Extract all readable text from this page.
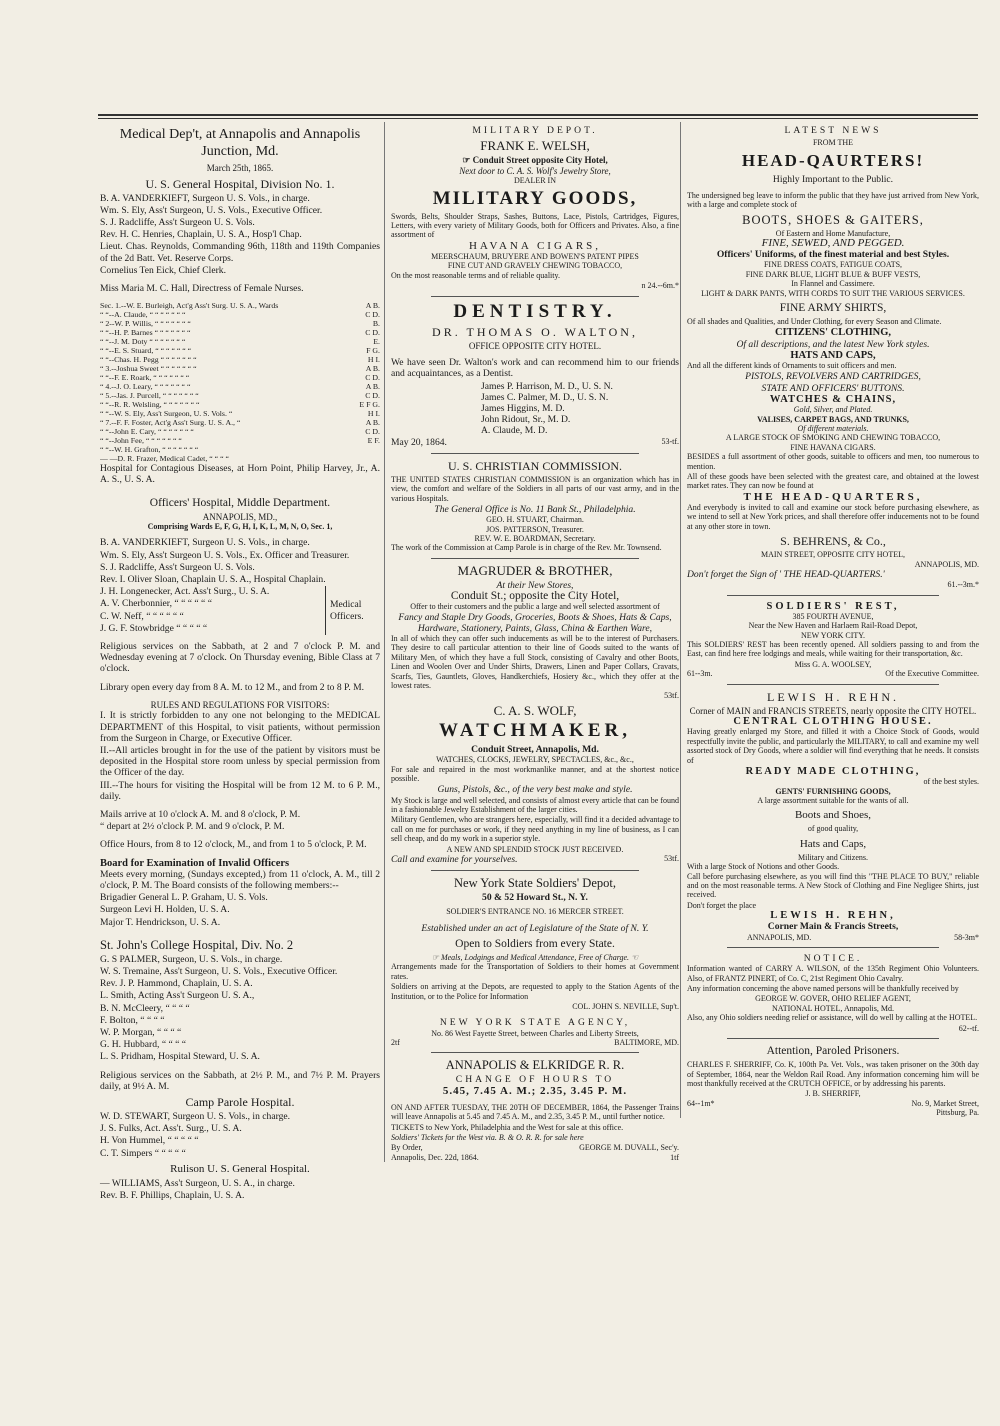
Medical Dep't, at Annapolis and Annapolis Junction, Md.
March 25th, 1865.
U. S. General Hospital, Division No. 1.

B. A. VANDERKIEFT, Surgeon U. S. Vols., in charge.

Wm. S. Ely, Ass't Surgeon, U. S. Vols., Executive Officer.

S. J. Radcliffe, Ass't Surgeon U. S. Vols.

Rev. H. C. Henries, Chaplain, U. S. A., Hosp'l Chap.

Lieut. Chas. Reynolds, Commanding 96th, 118th and 119th Companies of the 2d Batt. Vet. Reserve Corps.

Cornelius Ten Eick, Chief Clerk.

Miss Maria M. C. Hall, Directress of Female Nurses.

Sec. 1.--W. E. Burleigh, Act'g Ass't Surg. U. S. A., Wards	A B.
“ “--A. Claude, “ “ “ “ “ “ “	C D.
“ 2--W. P. Willis, “ “ “ “ “ “ “	B.
“ “--H. P. Barnes “ “ “ “ “ “ “	C D.
“ “--J. M. Doty “ “ “ “ “ “ “	E.
“ “--E. S. Stuard, “ “ “ “ “ “ “	F G.
“ “--Chas. H. Pegg “ “ “ “ “ “ “	H I.
“ 3.--Joshua Sweet “ “ “ “ “ “ “	A B.
“ “--F. E. Roark, “ “ “ “ “ “ “	C D.
“ 4.--J. O. Leary, “ “ “ “ “ “ “	A B.
“ 5.--Jas. J. Purcell, “ “ “ “ “ “ “	C D.
“ “--R. R. Welsling, “ “ “ “ “ “ “	E F G.
“ “--W. S. Ely, Ass't Surgeon, U. S. Vols. “	H I.
“ 7.--F. F. Foster, Act'g Ass't Surg. U. S. A., “	A B.
“ “--John E. Cary, “ “ “ “ “ “ “	C D.
“ “--John Fee, “ “ “ “ “ “ “	E F.
“ “--W. H. Grafton, “ “ “ “ “ “ “
— —D. R. Frazer, Medical Cadet, “ “ “ “

Hospital for Contagious Diseases, at Horn Point, Philip Harvey, Jr., A. A. S., U. S. A.

Officers' Hospital, Middle Department.
ANNAPOLIS, MD.,
Comprising Wards E, F, G, H, I, K, L, M, N, O, Sec. 1,

B. A. VANDERKIEFT, Surgeon U. S. Vols., in charge.

Wm. S. Ely, Ass't Surgeon U. S. Vols., Ex. Officer and Treasurer.

S. J. Radcliffe, Ass't Surgeon U. S. Vols.

Rev. I. Oliver Sloan, Chaplain U. S. A., Hospital Chaplain.

J. H. Longenecker, Act. Ass't Surg., U. S. A.

A. V. Cherbonnier, “ “ “ “ “ “

C. W. Neff, “ “ “ “ “ “

J. G. F. Stowbridge “ “ “ “ “

Medical Officers.

Religious services on the Sabbath, at 2 and 7 o'clock P. M. and Wednesday evening at 7 o'clock. On Thursday evening, Bible Class at 7 o'clock.

Library open every day from 8 A. M. to 12 M., and from 2 to 8 P. M.

RULES AND REGULATIONS FOR VISITORS:

I. It is strictly forbidden to any one not belonging to the MEDICAL DEPARTMENT of this Hospital, to visit patients, without permission from the Surgeon in Charge, or Executive Officer.

II.--All articles brought in for the use of the patient by visitors must be deposited in the Hospital store room unless by special permission from the Officer of the day.

III.--The hours for visiting the Hospital will be from 12 M. to 6 P. M., daily.

Mails arrive at 10 o'clock A. M. and 8 o'clock, P. M.

“ depart at 2½ o'clock P. M. and 9 o'clock, P. M.

Office Hours, from 8 to 12 o'clock, M., and from 1 to 5 o'clock, P. M.

Board for Examination of Invalid Officers

Meets every morning, (Sundays excepted,) from 11 o'clock, A. M., till 2 o'clock, P. M. The Board consists of the following members:--

Brigadier General L. P. Graham, U. S. Vols.

Surgeon Levi H. Holden, U. S. A.

Major T. Hendrickson, U. S. A.

St. John's College Hospital, Div. No. 2

G. S PALMER, Surgeon, U. S. Vols., in charge.

W. S. Tremaine, Ass't Surgeon, U. S. Vols., Executive Officer.

Rev. J. P. Hammond, Chaplain, U. S. A.

L. Smith, Acting Ass't Surgeon U. S. A.,

B. N. McCleery, “ “ “ “

F. Bolton, “ “ “ “

W. P. Morgan, “ “ “ “

G. H. Hubbard, “ “ “ “

L. S. Pridham, Hospital Steward, U. S. A.

Religious services on the Sabbath, at 2½ P. M., and 7½ P. M. Prayers daily, at 9½ A. M.

Camp Parole Hospital.

W. D. STEWART, Surgeon U. S. Vols., in charge.

J. S. Fulks, Act. Ass't. Surg., U. S. A.

H. Von Hummel, “ “ “ “ “

C. T. Simpers “ “ “ “ “

Rulison U. S. General Hospital.

— WILLIAMS, Ass't Surgeon, U. S. A., in charge.

Rev. B. F. Phillips, Chaplain, U. S. A.

MILITARY DEPOT.
FRANK E. WELSH,
☞ Conduit Street opposite City Hotel,
Next door to C. A. S. Wolf's Jewelry Store,
DEALER IN
MILITARY GOODS,

Swords, Belts, Shoulder Straps, Sashes, Buttons, Lace, Pistols, Cartridges, Figures, Letters, with every variety of Military Goods, both for Officers and Privates. Also, a fine assortment of

HAVANA CIGARS,
MEERSCHAUM, BRUYERE AND BOWEN'S PATENT PIPES
FINE CUT AND GRAVELY CHEWING TOBACCO,

On the most reasonable terms and of reliable quality.

n 24.--6m.*
DENTISTRY.
DR. THOMAS O. WALTON,
OFFICE OPPOSITE CITY HOTEL.

We have seen Dr. Walton's work and can recommend him to our friends and acquaintances, as a Dentist.

James P. Harrison, M. D., U. S. N.
James C. Palmer, M. D., U. S. N.
James Higgins, M. D.
John Ridout, Sr., M. D.
A. Claude, M. D.
May 20, 1864.	53-tf.
U. S. CHRISTIAN COMMISSION.

THE UNITED STATES CHRISTIAN COMMISSION is an organization which has in view, the comfort and welfare of the Soldiers in all parts of our vast army, and in the various Hospitals.

The General Office is No. 11 Bank St., Philadelphia.
GEO. H. STUART, Chairman.
JOS. PATTERSON, Treasurer.
REV. W. E. BOARDMAN, Secretary.

The work of the Commission at Camp Parole is in charge of the Rev. Mr. Townsend.

MAGRUDER & BROTHER,
At their New Stores,
Conduit St.; opposite the City Hotel,
Offer to their customers and the public a large and well selected assortment of
Fancy and Staple Dry Goods, Groceries, Boots & Shoes, Hats & Caps, Hardware, Stationery, Paints, Glass, China & Earthen Ware,

In all of which they can offer such inducements as will be to the interest of Purchasers. They desire to call particular attention to their line of Goods suited to the wants of Military Men, of which they have a full Stock, consisting of Cavalry and other Boots, Linen and Woolen Over and Under Shirts, Drawers, Linen and Paper Collars, Cravats, Scarfs, Ties, Gauntlets, Gloves, Handkerchiefs, Hosiery &c., which they offer at the lowest rates.

53tf.
C. A. S. WOLF,
WATCHMAKER,
Conduit Street, Annapolis, Md.
WATCHES, CLOCKS, JEWELRY, SPECTACLES, &c., &c.,

For sale and repaired in the most workmanlike manner, and at the shortest notice possible.

Guns, Pistols, &c., of the very best make and style.

My Stock is large and well selected, and consists of almost every article that can be found in a fashionable Jewelry Establishment of the larger cities.

Military Gentlemen, who are strangers here, especially, will find it a decided advantage to call on me for purchases or work, if they need anything in my line of business, as I can sell cheap, and do my work in a superior style.

A NEW AND SPLENDID STOCK JUST RECEIVED.
Call and examine for yourselves.	53tf.
New York State Soldiers' Depot,
50 & 52 Howard St., N. Y.
SOLDIER'S ENTRANCE NO. 16 MERCER STREET.
Established under an act of Legislature of the State of N. Y.
Open to Soldiers from every State.
☞ Meals, Lodgings and Medical Attendance, Free of Charge. ☜

Arrangements made for the Transportation of Soldiers to their homes at Government rates.

Soldiers on arriving at the Depots, are requested to apply to the Station Agents of the Institution, or to the Police for Information

COL. JOHN S. NEVILLE, Sup't.
NEW YORK STATE AGENCY,
No. 86 West Fayette Street, between Charles and Liberty Streets,
2tf	BALTIMORE, MD.
ANNAPOLIS & ELKRIDGE R. R.
CHANGE OF HOURS TO
5.45, 7.45 A. M.; 2.35, 3.45 P. M.

ON AND AFTER TUESDAY, THE 20TH OF DECEMBER, 1864, the Passenger Trains will leave Annapolis at 5.45 and 7.45 A. M., and 2.35, 3.45 P. M., until further notice.

TICKETS to New York, Philadelphia and the West for sale at this office.

Soldiers' Tickets for the West via. B. & O. R. R. for sale here

By Order,	GEORGE M. DUVALL, Sec'y.
Annapolis, Dec. 22d, 1864.	1tf
LATEST NEWS
FROM THE
HEAD-QAURTERS!
Highly Important to the Public.

The undersigned beg leave to inform the public that they have just arrived from New York, with a large and complete stock of

BOOTS, SHOES & GAITERS,
Of Eastern and Home Manufacture,
FINE, SEWED, AND PEGGED.
Officers' Uniforms, of the finest material and best Styles.
FINE DRESS COATS, FATIGUE COATS,
FINE DARK BLUE, LIGHT BLUE & BUFF VESTS,
In Flannel and Cassimere.
LIGHT & DARK PANTS, WITH CORDS TO SUIT THE VARIOUS SERVICES.
FINE ARMY SHIRTS,

Of all shades and Qualities, and Under Clothing, for every Season and Climate.

CITIZENS' CLOTHING,
Of all descriptions, and the latest New York styles.
HATS AND CAPS,

And all the different kinds of Ornaments to suit officers and men.

PISTOLS, REVOLVERS AND CARTRIDGES,
STATE AND OFFICERS' BUTTONS.
WATCHES & CHAINS,
Gold, Silver, and Plated.
VALISES, CARPET BAGS, AND TRUNKS,
Of different materials.
A LARGE STOCK OF SMOKING AND CHEWING TOBACCO,
FINE HAVANA CIGARS.

BESIDES a full assortment of other goods, suitable to officers and men, too numerous to mention.

All of these goods have been selected with the greatest care, and obtained at the lowest market rates. They can now be found at

THE HEAD-QUARTERS,

And everybody is invited to call and examine our stock before purchasing elsewhere, as we intend to sell at New York prices, and shall therefore offer inducements not to be found at any other store in town.

S. BEHRENS, & Co.,
MAIN STREET, OPPOSITE CITY HOTEL,
ANNAPOLIS, MD.
Don't forget the Sign of ' THE HEAD-QUARTERS.'
61.--3m.*
SOLDIERS' REST,
385 FOURTH AVENUE,
Near the New Haven and Harlaem Rail-Road Depot,
NEW YORK CITY.

This SOLDIERS' REST has been recently opened. All soldiers passing to and from the East, can find here free lodgings and meals, while waiting for their transportation, &c.

Miss G. A. WOOLSEY,
61--3m.	Of the Executive Committee.
LEWIS H. REHN.
Corner of MAIN and FRANCIS STREETS, nearly opposite the CITY HOTEL.
CENTRAL CLOTHING HOUSE.

Having greatly enlarged my Store, and filled it with a Choice Stock of Goods, would respectfully invite the public, and particularly the MILITARY, to call and examine my well assorted stock of Dry Goods, where a soldier will find everything that he needs. It consists of

READY MADE CLOTHING,
of the best styles.
GENTS' FURNISHING GOODS,
A large assortment suitable for the wants of all.
Boots and Shoes,
of good quality,
Hats and Caps,
Military and Citizens.
With a large Stock of Notions and other Goods.

Call before purchasing elsewhere, as you will find this "THE PLACE TO BUY," reliable and on the most reasonable terms. A New Stock of Clothing and Fine Negligee Shirts, just received.

Don't forget the place
LEWIS H. REHN,
Corner Main & Francis Streets,
ANNAPOLIS, MD.	58-3m*
NOTICE.

Information wanted of CARRY A. WILSON, of the 135th Regiment Ohio Volunteers. Also, of FRANTZ PINERT, of Co. C, 21st Regiment Ohio Cavalry.

Any information concerning the above named persons will be thankfully received by

GEORGE W. GOVER, OHIO RELIEF AGENT,
NATIONAL HOTEL, Annapolis, Md.

Also, any Ohio soldiers needing relief or assistance, will do well by calling at the HOTEL.

62--tf.
Attention, Paroled Prisoners.

CHARLES F. SHERRIFF, Co. K, 100th Pa. Vet. Vols., was taken prisoner on the 30th day of September, 1864, near the Weldon Rail Road. Any information concerning him will be most thankfully received at the CRUTCH OFFICE, or by addressing his parents.

J. B. SHERRIFF,
64--1m*	No. 9, Market Street,
Pittsburg, Pa.
